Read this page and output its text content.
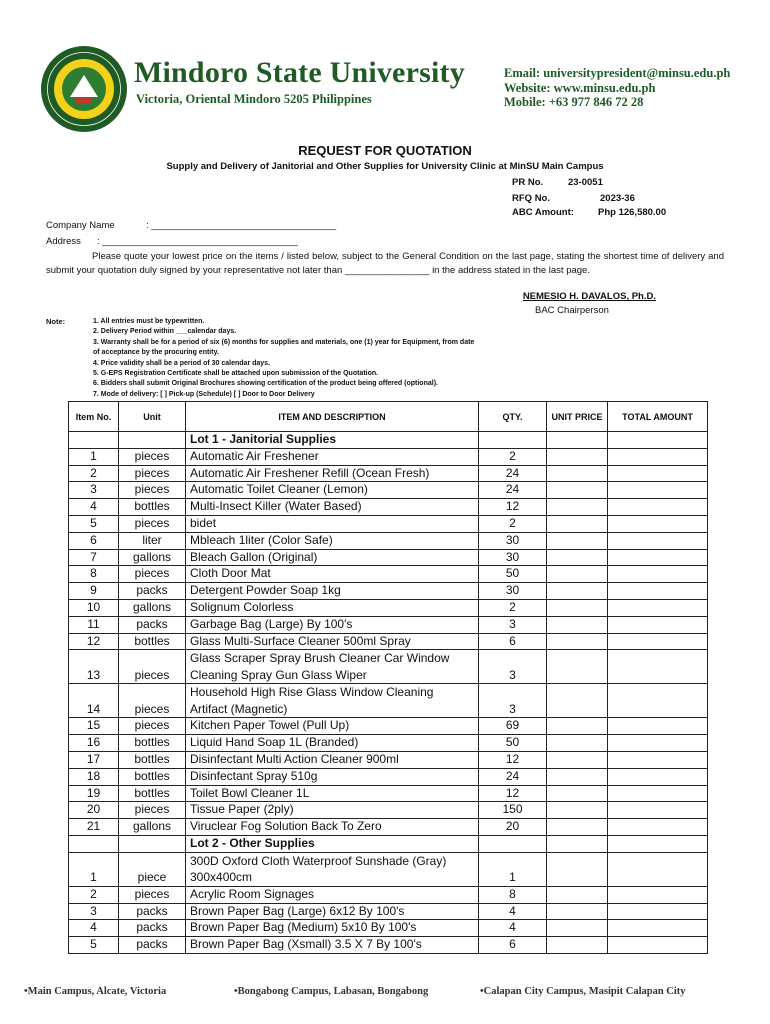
Mindoro State University
Victoria, Oriental Mindoro 5205 Philippines
Email: universitypresident@minsu.edu.ph
Website: www.minsu.edu.ph
Mobile: +63 977 846 72 28
REQUEST FOR QUOTATION
Supply and Delivery of Janitorial and Other Supplies for University Clinic at MinSU Main Campus
PR No.	23-0051
RFQ No.	2023-36
ABC Amount:	Php 126,580.00
Company Name	: ___________________________________
Address : _____________________________________
Please quote your lowest price on the items / listed below, subject to the General Condition on the last page, stating the shortest time of delivery and submit your quotation duly signed by your representative not later than ________________ in the address stated in the last page.
NEMESIO H. DAVALOS, Ph.D.
BAC Chairperson
Note:	1. All entries must be typewritten.
2. Delivery Period within ___calendar days.
3. Warranty shall be for a period of six (6) months for supplies and materials, one (1) year for Equipment, from date
of acceptance by the procuring entity.
4. Price validity shall be a period of 30 calendar days.
5. G-EPS Registration Certificate shall be attached upon submission of the Quotation.
6. Bidders shall submit Original Brochures showing certification of the product being offered (optional).
7. Mode of delivery: [ ] Pick-up (Schedule) [ ] Door to Door Delivery
Item No.	Unit	ITEM AND DESCRIPTION	QTY.	UNIT PRICE	TOTAL AMOUNT
		Lot 1 - Janitorial Supplies			
1	pieces	Automatic Air Freshener	2		
2	pieces	Automatic Air Freshener Refill (Ocean Fresh)	24		
3	pieces	Automatic Toilet Cleaner (Lemon)	24		
4	bottles	Multi-Insect Killer (Water Based)	12		
5	pieces	bidet	2		
6	liter	Mbleach 1liter (Color Safe)	30		
7	gallons	Bleach Gallon (Original)	30		
8	pieces	Cloth Door Mat	50		
9	packs	Detergent Powder Soap 1kg	30		
10	gallons	Solignum Colorless	2		
11	packs	Garbage Bag (Large) By 100's	3		
12	bottles	Glass Multi-Surface Cleaner 500ml Spray	6		
13	pieces	Glass Scraper Spray Brush Cleaner Car Window
Cleaning Spray Gun Glass Wiper	3		
14	pieces	Household High Rise Glass Window Cleaning
Artifact (Magnetic)	3		
15	pieces	Kitchen Paper Towel (Pull Up)	69		
16	bottles	Liquid Hand Soap 1L (Branded)	50		
17	bottles	Disinfectant Multi Action Cleaner 900ml	12		
18	bottles	Disinfectant Spray 510g	24		
19	bottles	Toilet Bowl Cleaner 1L	12		
20	pieces	Tissue Paper (2ply)	150		
21	gallons	Viruclear Fog Solution Back To Zero	20		
		Lot 2 - Other Supplies			
1	piece	300D Oxford Cloth Waterproof Sunshade (Gray)
300x400cm	1		
2	pieces	Acrylic Room Signages	8		
3	packs	Brown Paper Bag (Large) 6x12 By 100's	4		
4	packs	Brown Paper Bag (Medium) 5x10 By 100's	4		
5	packs	Brown Paper Bag (Xsmall) 3.5 X 7 By 100's	6		
•Main Campus, Alcate, Victoria	•Bongabong Campus, Labasan, Bongabong	•Calapan City Campus, Masipit Calapan City
